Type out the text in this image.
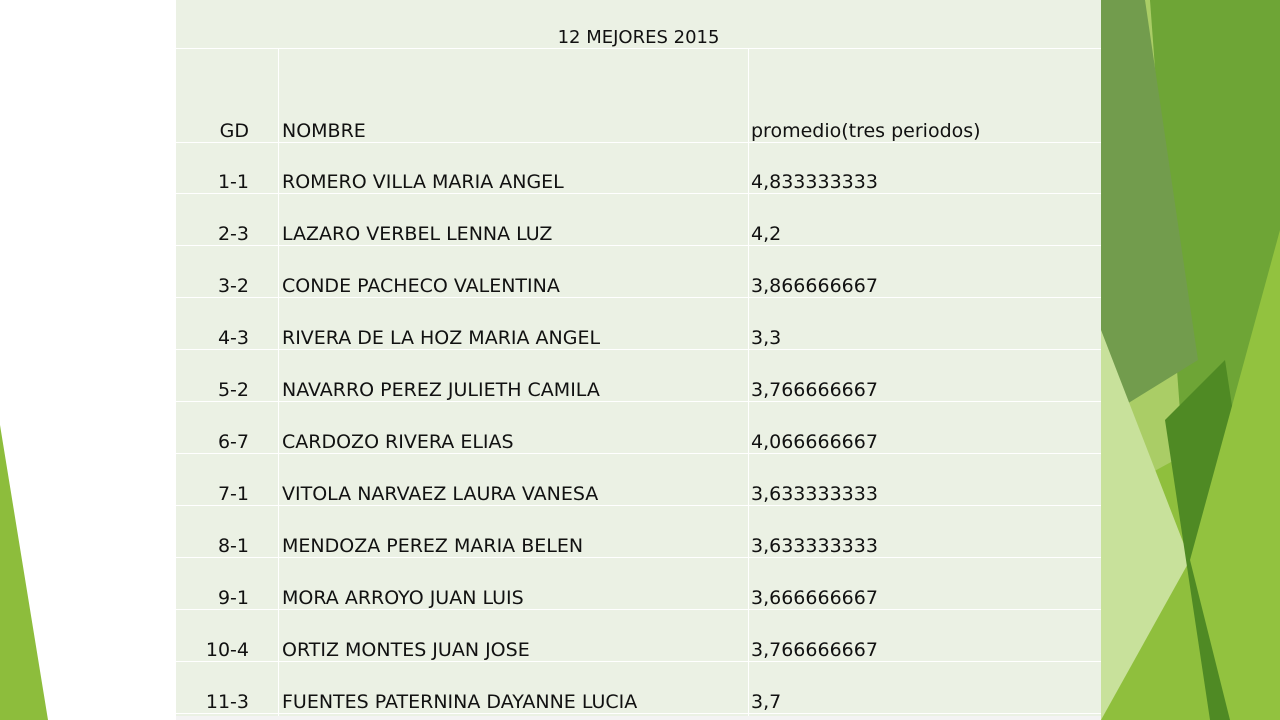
12 MEJORES 2015
GD NOMBRE	promedio(tres periodos)
1-1 ROMERO VILLA MARIA ANGEL	4,833333333
2-3 LAZARO VERBEL LENNA LUZ	4,2
3-2 CONDE PACHECO VALENTINA	3,866666667
4-3 RIVERA DE LA HOZ MARIA ANGEL	3,3
5-2 NAVARRO PEREZ JULIETH CAMILA	3,766666667
6-7 CARDOZO RIVERA ELIAS	4,066666667
7-1 VITOLA NARVAEZ LAURA VANESA	3,633333333
8-1 MENDOZA PEREZ MARIA BELEN	3,633333333
9-1 MORA ARROYO JUAN LUIS	3,666666667
10-4 ORTIZ MONTES JUAN JOSE	3,766666667
11-3 FUENTES PATERNINA DAYANNE LUCIA	3,7
